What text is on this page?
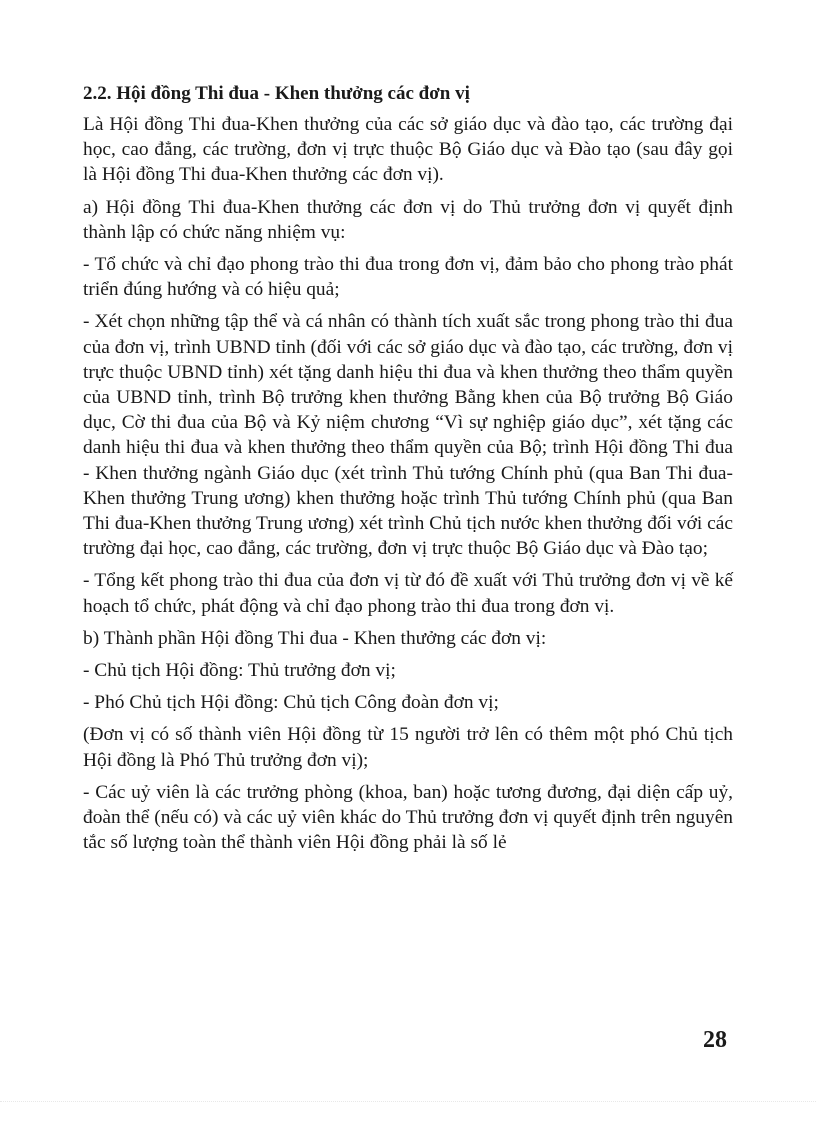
2.2. Hội đồng Thi đua - Khen thưởng các đơn vị
Là Hội đồng Thi đua-Khen thưởng của các sở giáo dục và đào tạo, các trường đại học, cao đẳng, các trường, đơn vị trực thuộc Bộ Giáo dục và Đào tạo (sau đây gọi là Hội đồng Thi đua-Khen thưởng các đơn vị).
a) Hội đồng Thi đua-Khen thưởng các đơn vị do Thủ trưởng đơn vị quyết định thành lập có chức năng nhiệm vụ:
- Tổ chức và chỉ đạo phong trào thi đua trong đơn vị, đảm bảo cho phong trào phát triển đúng hướng và có hiệu quả;
- Xét chọn những tập thể và cá nhân có thành tích xuất sắc trong phong trào thi đua của đơn vị, trình UBND tỉnh (đối với các sở giáo dục và đào tạo, các trường, đơn vị trực thuộc UBND tỉnh) xét tặng danh hiệu thi đua và khen thưởng theo thẩm quyền của UBND tỉnh, trình Bộ trưởng khen thưởng Bằng khen của Bộ trưởng Bộ Giáo dục, Cờ thi đua của Bộ và Kỷ niệm chương “Vì sự nghiệp giáo dục”, xét tặng các danh hiệu thi đua và khen thưởng theo thẩm quyền của Bộ; trình Hội đồng Thi đua - Khen thưởng ngành Giáo dục (xét trình Thủ tướng Chính phủ (qua Ban Thi đua-Khen thưởng Trung ương) khen thưởng hoặc trình Thủ tướng Chính phủ (qua Ban Thi đua-Khen thưởng Trung ương) xét trình Chủ tịch nước khen thưởng đối với các trường đại học, cao đẳng, các trường, đơn vị trực thuộc Bộ Giáo dục và Đào tạo;
- Tổng kết phong trào thi đua của đơn vị từ đó đề xuất với Thủ trưởng đơn vị về kế hoạch tổ chức, phát động và chỉ đạo phong trào thi đua trong đơn vị.
b) Thành phần Hội đồng Thi đua - Khen thưởng các đơn vị:
- Chủ tịch Hội đồng: Thủ trưởng đơn vị;
- Phó Chủ tịch Hội đồng: Chủ tịch Công đoàn đơn vị;
(Đơn vị có số thành viên Hội đồng từ 15 người trở lên có thêm một phó Chủ tịch Hội đồng là Phó Thủ trưởng đơn vị);
- Các uỷ viên là các trưởng phòng (khoa, ban) hoặc tương đương, đại diện cấp uỷ, đoàn thể (nếu có) và các uỷ viên khác do Thủ trưởng đơn vị quyết định trên nguyên tắc số lượng toàn thể thành viên Hội đồng phải là số lẻ
28
